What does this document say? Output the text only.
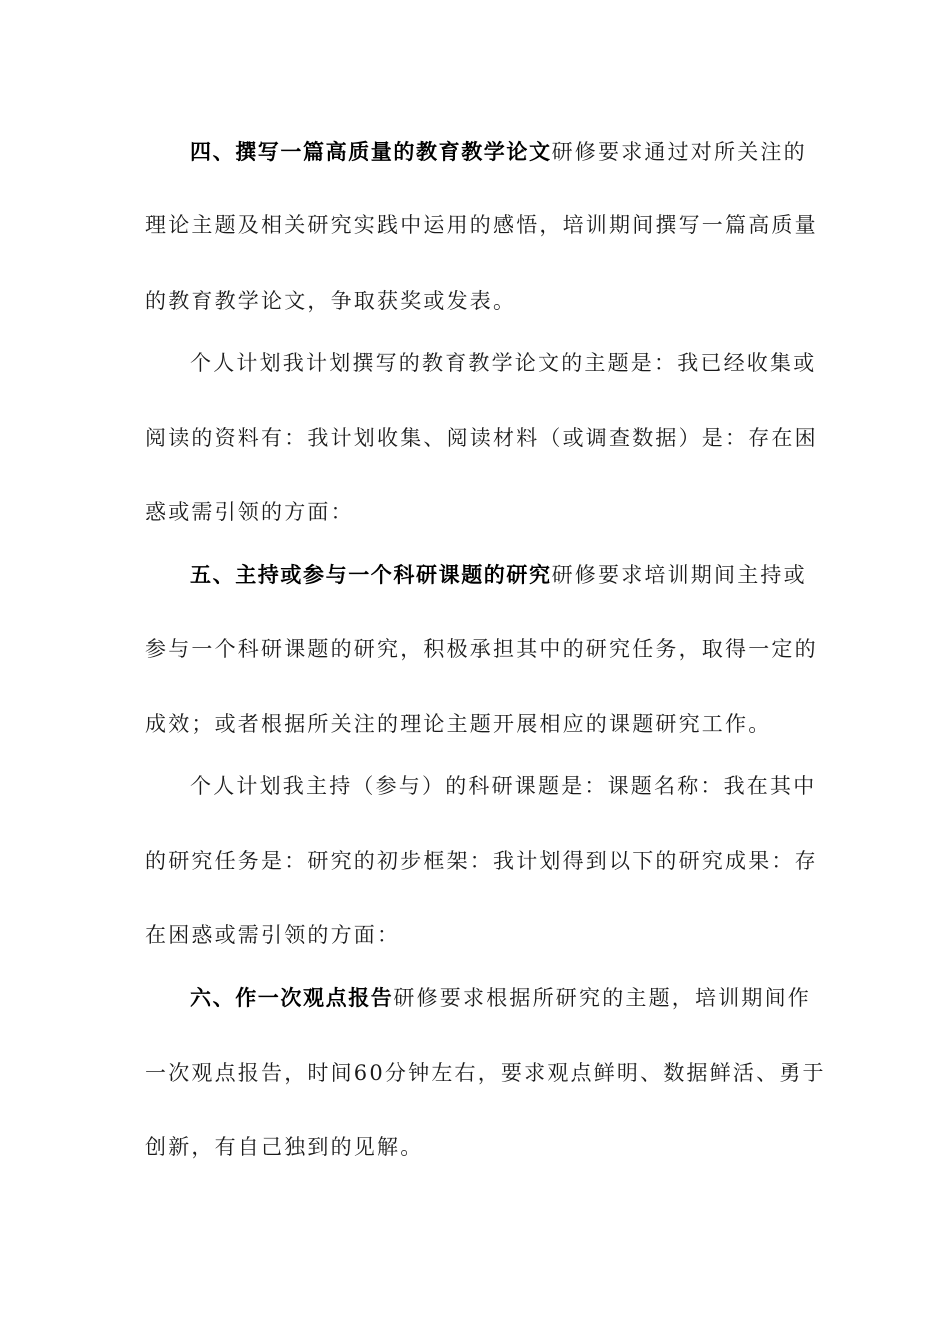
四、撰写一篇高质量的教育教学论文研修要求通过对所关注的
理论主题及相关研究实践中运用的感悟，培训期间撰写一篇高质量
的教育教学论文，争取获奖或发表。
个人计划我计划撰写的教育教学论文的主题是：我已经收集或
阅读的资料有：我计划收集、阅读材料（或调查数据）是：存在困
惑或需引领的方面：
五、主持或参与一个科研课题的研究研修要求培训期间主持或
参与一个科研课题的研究，积极承担其中的研究任务，取得一定的
成效；或者根据所关注的理论主题开展相应的课题研究工作。
个人计划我主持（参与）的科研课题是：课题名称：我在其中
的研究任务是：研究的初步框架：我计划得到以下的研究成果：存
在困惑或需引领的方面：
六、作一次观点报告研修要求根据所研究的主题，培训期间作
一次观点报告，时间60分钟左右，要求观点鲜明、数据鲜活、勇于
创新，有自己独到的见解。
